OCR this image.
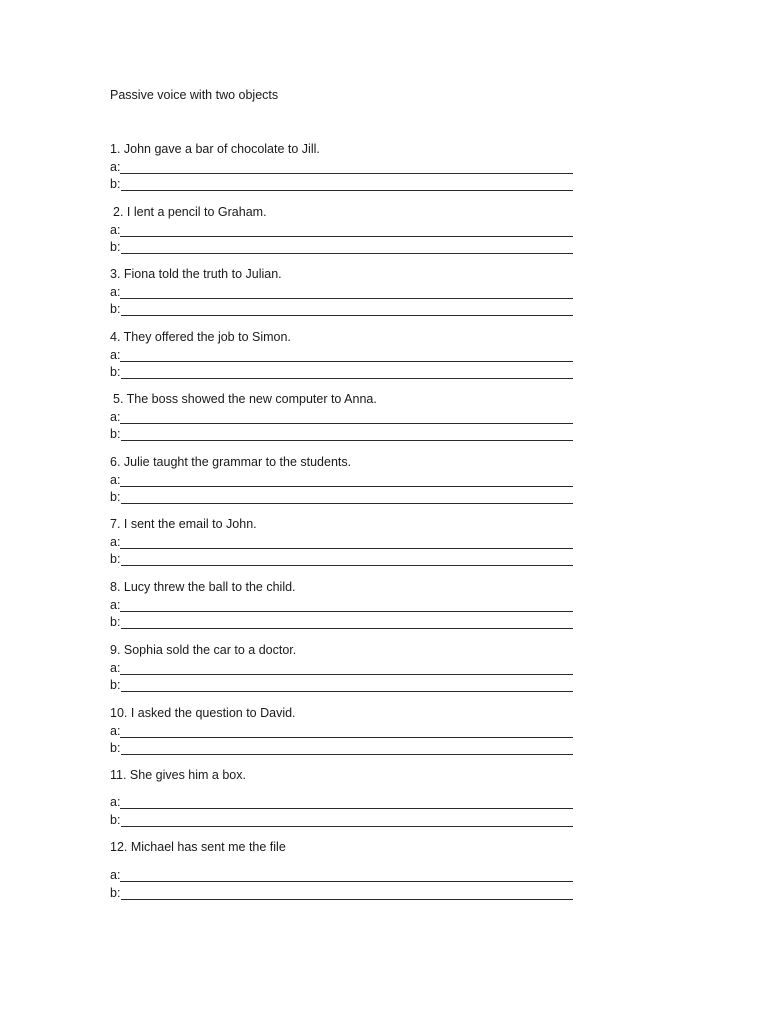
Passive voice with two objects
1. John gave a bar of chocolate to Jill.
a:
b:
2. I lent a pencil to Graham.
a:
b:
3. Fiona told the truth to Julian.
a:
b:
4. They offered the job to Simon.
a:
b:
5. The boss showed the new computer to Anna.
a:
b:
6. Julie taught the grammar to the students.
a:
b:
7. I sent the email to John.
a:
b:
8. Lucy threw the ball to the child.
a:
b:
9. Sophia sold the car to a doctor.
a:
b:
10. I asked the question to David.
a:
b:
11. She gives him a box.
a:
b:
12. Michael has sent me the file
a:
b:
